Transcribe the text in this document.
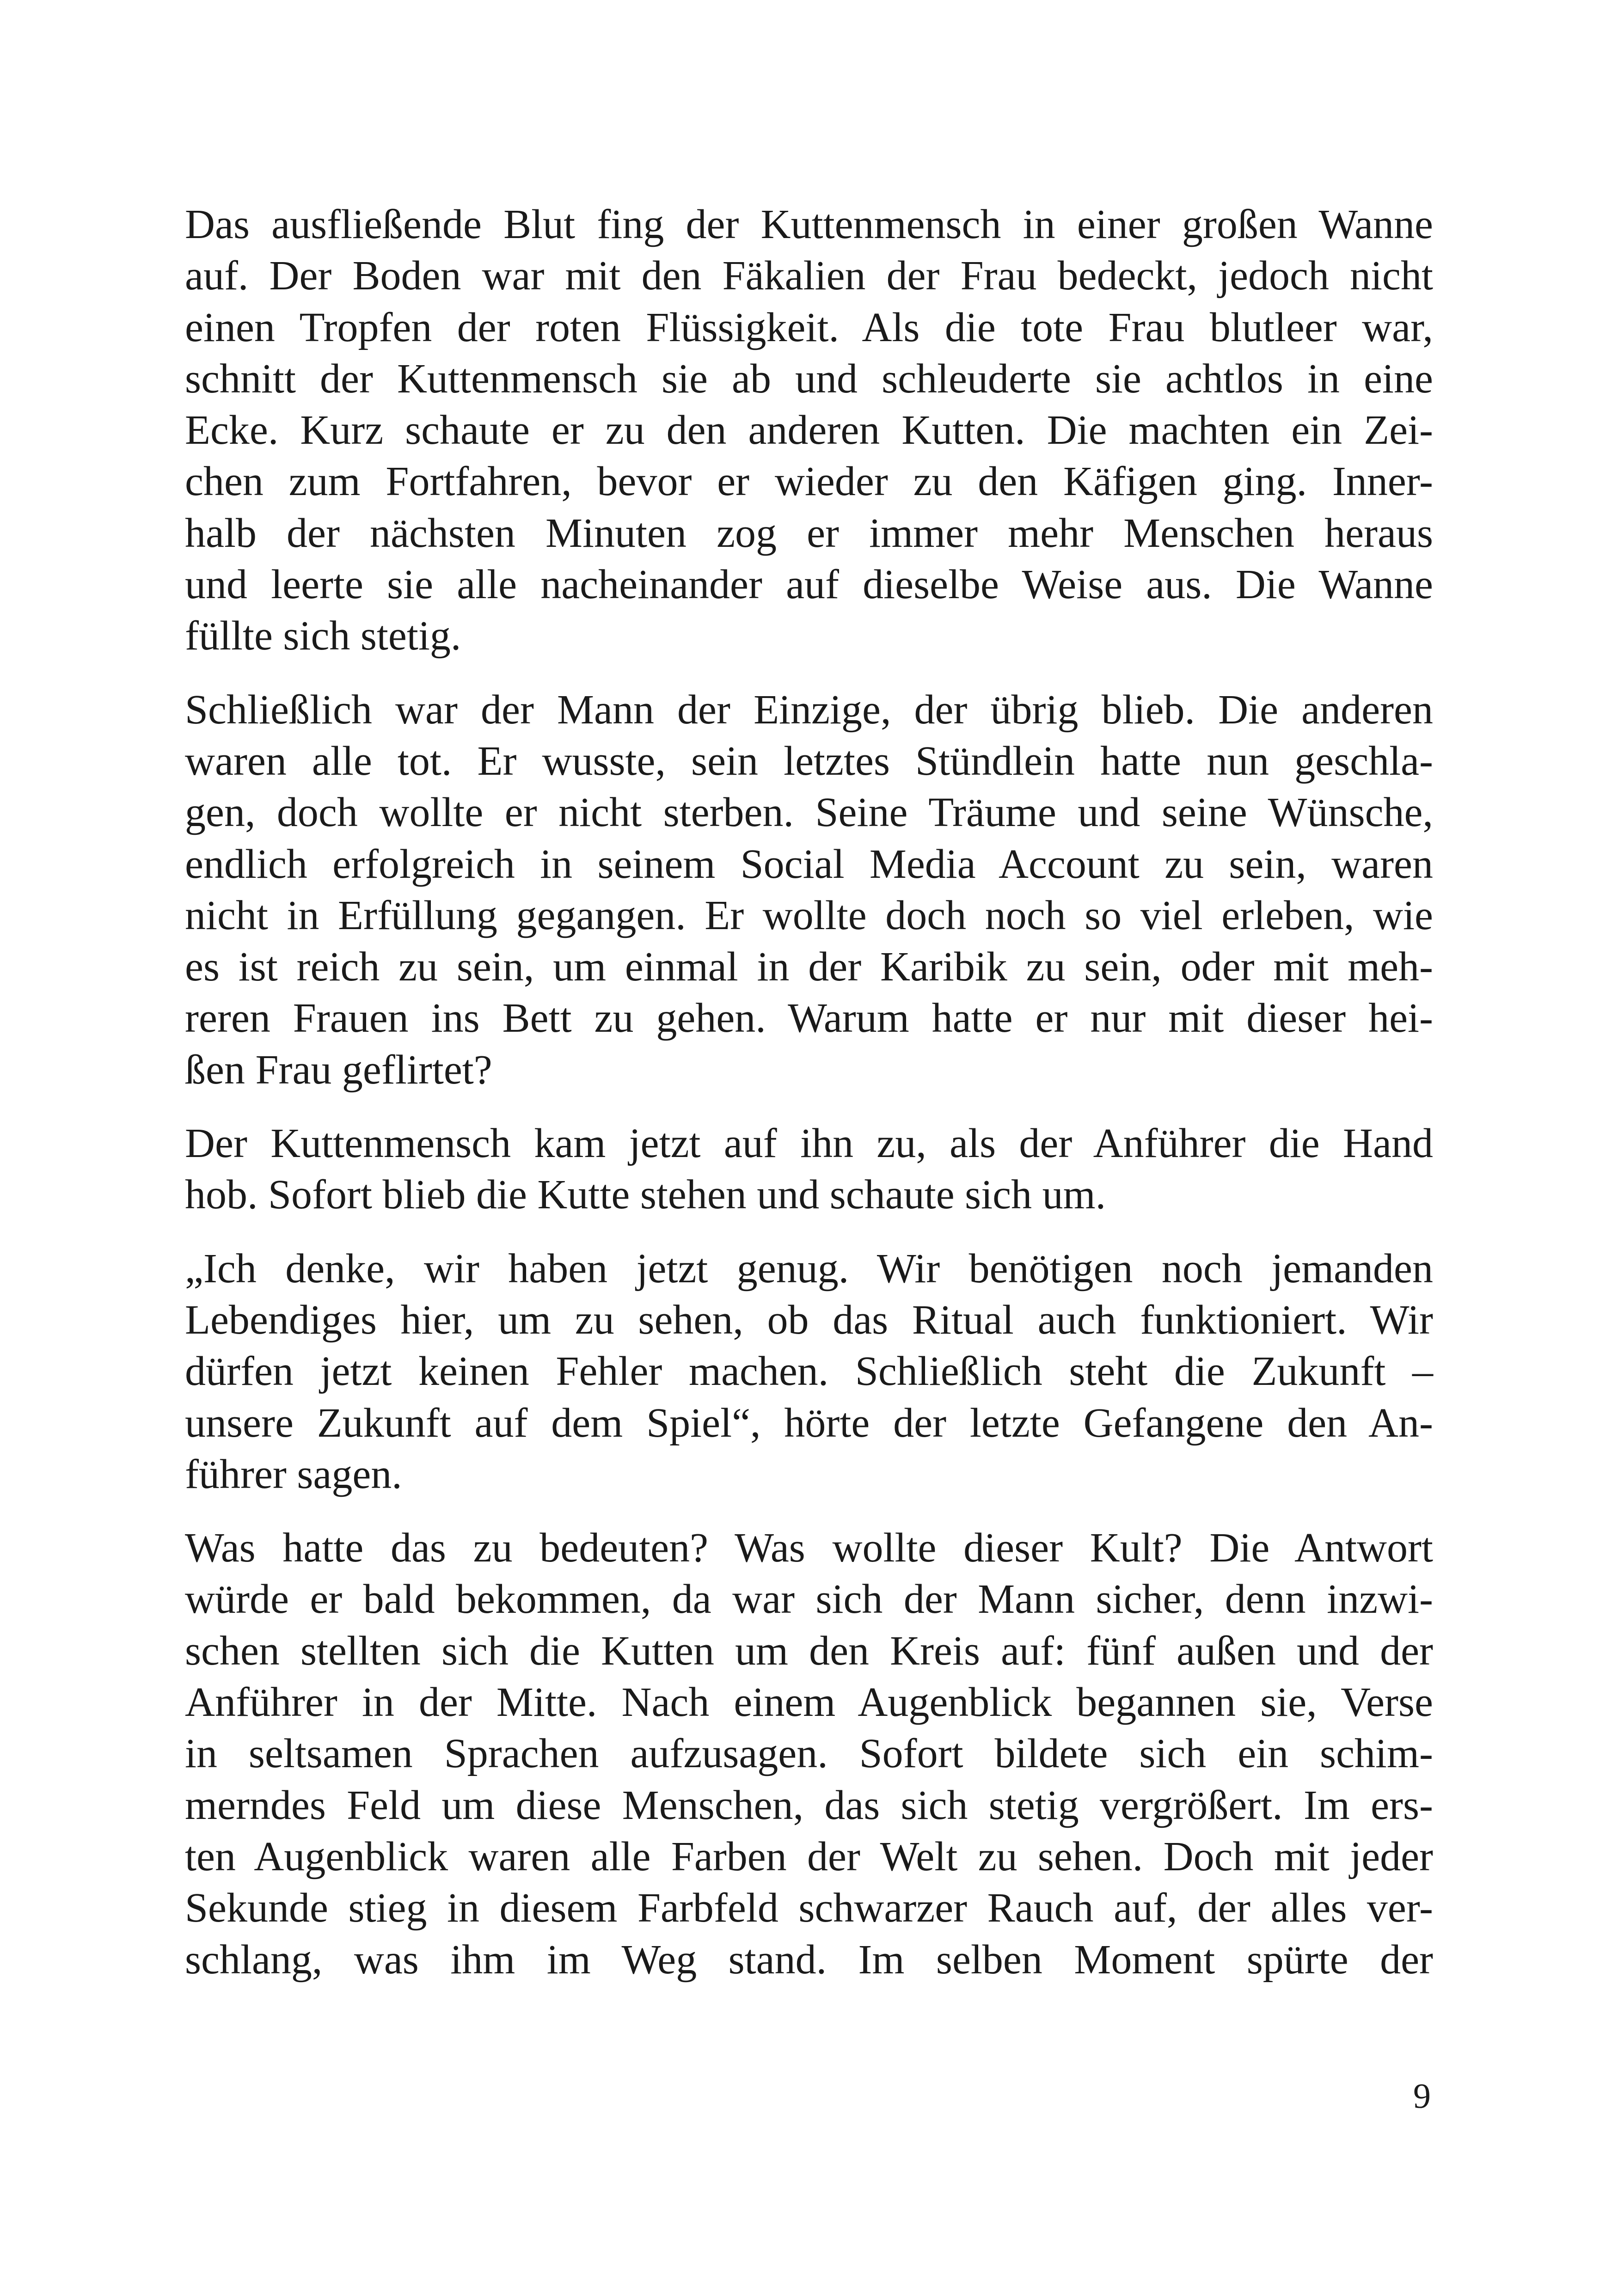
Das ausfließende Blut fing der Kuttenmensch in einer großen Wanne
auf. Der Boden war mit den Fäkalien der Frau bedeckt, jedoch nicht
einen Tropfen der roten Flüssigkeit. Als die tote Frau blutleer war,
schnitt der Kuttenmensch sie ab und schleuderte sie achtlos in eine
Ecke. Kurz schaute er zu den anderen Kutten. Die machten ein Zei-
chen zum Fortfahren, bevor er wieder zu den Käfigen ging. Inner-
halb der nächsten Minuten zog er immer mehr Menschen heraus
und leerte sie alle nacheinander auf dieselbe Weise aus. Die Wanne
füllte sich stetig.

Schließlich war der Mann der Einzige, der übrig blieb. Die anderen
waren alle tot. Er wusste, sein letztes Stündlein hatte nun geschla-
gen, doch wollte er nicht sterben. Seine Träume und seine Wünsche,
endlich erfolgreich in seinem Social Media Account zu sein, waren
nicht in Erfüllung gegangen. Er wollte doch noch so viel erleben, wie
es ist reich zu sein, um einmal in der Karibik zu sein, oder mit meh-
reren Frauen ins Bett zu gehen. Warum hatte er nur mit dieser hei-
ßen Frau geflirtet?

Der Kuttenmensch kam jetzt auf ihn zu, als der Anführer die Hand
hob. Sofort blieb die Kutte stehen und schaute sich um.

„Ich denke, wir haben jetzt genug. Wir benötigen noch jemanden
Lebendiges hier, um zu sehen, ob das Ritual auch funktioniert. Wir
dürfen jetzt keinen Fehler machen. Schließlich steht die Zukunft –
unsere Zukunft auf dem Spiel“, hörte der letzte Gefangene den An-
führer sagen.

Was hatte das zu bedeuten? Was wollte dieser Kult? Die Antwort
würde er bald bekommen, da war sich der Mann sicher, denn inzwi-
schen stellten sich die Kutten um den Kreis auf: fünf außen und der
Anführer in der Mitte. Nach einem Augenblick begannen sie, Verse
in seltsamen Sprachen aufzusagen. Sofort bildete sich ein schim-
merndes Feld um diese Menschen, das sich stetig vergrößert. Im ers-
ten Augenblick waren alle Farben der Welt zu sehen. Doch mit jeder
Sekunde stieg in diesem Farbfeld schwarzer Rauch auf, der alles ver-
schlang, was ihm im Weg stand. Im selben Moment spürte der

9
